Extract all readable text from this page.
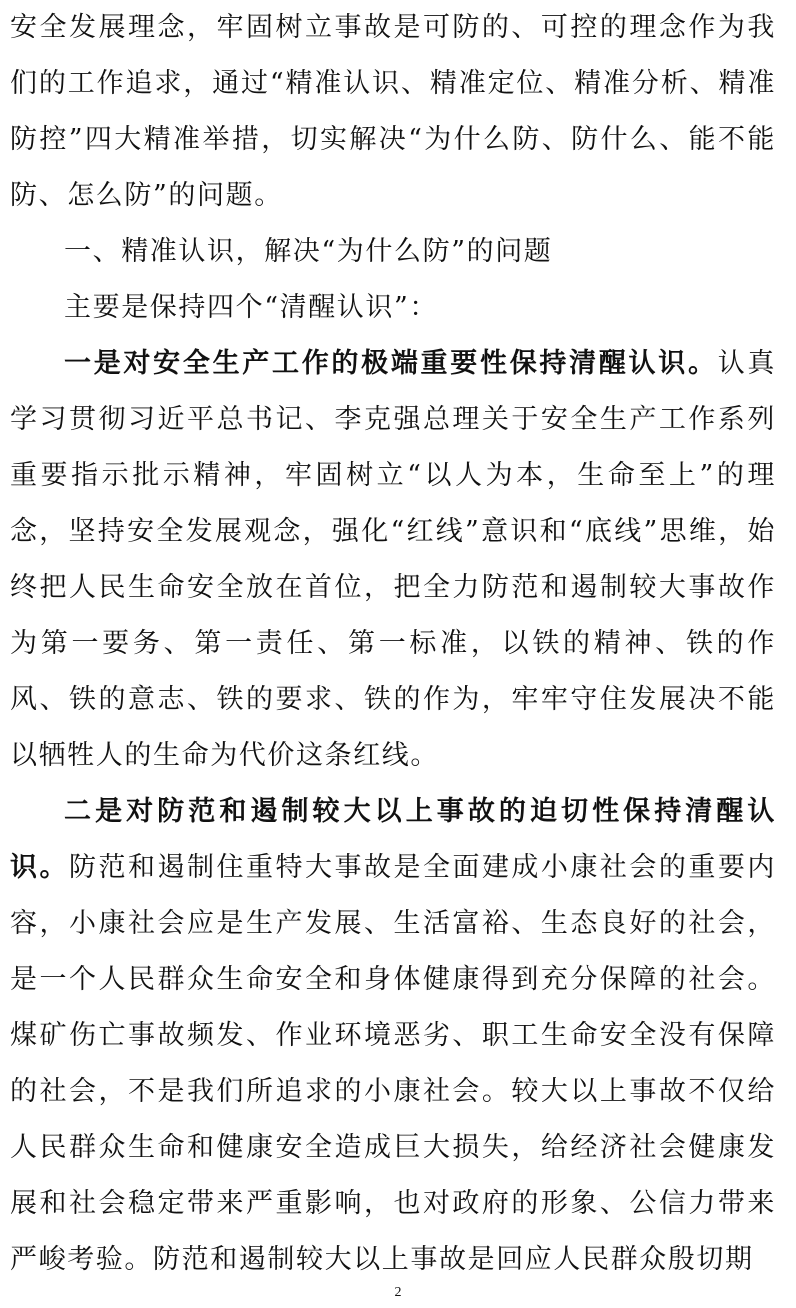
安全发展理念，牢固树立事故是可防的、可控的理念作为我们的工作追求，通过“精准认识、精准定位、精准分析、精准防控”四大精准举措，切实解决“为什么防、防什么、能不能防、怎么防”的问题。

一、精准认识，解决“为什么防”的问题

主要是保持四个“清醒认识”：

一是对安全生产工作的极端重要性保持清醒认识。认真学习贯彻习近平总书记、李克强总理关于安全生产工作系列重要指示批示精神，牢固树立“以人为本，生命至上”的理念，坚持安全发展观念，强化“红线”意识和“底线”思维，始终把人民生命安全放在首位，把全力防范和遏制较大事故作为第一要务、第一责任、第一标准，以铁的精神、铁的作风、铁的意志、铁的要求、铁的作为，牢牢守住发展决不能以牺牲人的生命为代价这条红线。

二是对防范和遏制较大以上事故的迫切性保持清醒认识。防范和遏制住重特大事故是全面建成小康社会的重要内容，小康社会应是生产发展、生活富裕、生态良好的社会，是一个人民群众生命安全和身体健康得到充分保障的社会。煤矿伤亡事故频发、作业环境恶劣、职工生命安全没有保障的社会，不是我们所追求的小康社会。较大以上事故不仅给人民群众生命和健康安全造成巨大损失，给经济社会健康发展和社会稳定带来严重影响，也对政府的形象、公信力带来严峻考验。防范和遏制较大以上事故是回应人民群众殷切期

2
